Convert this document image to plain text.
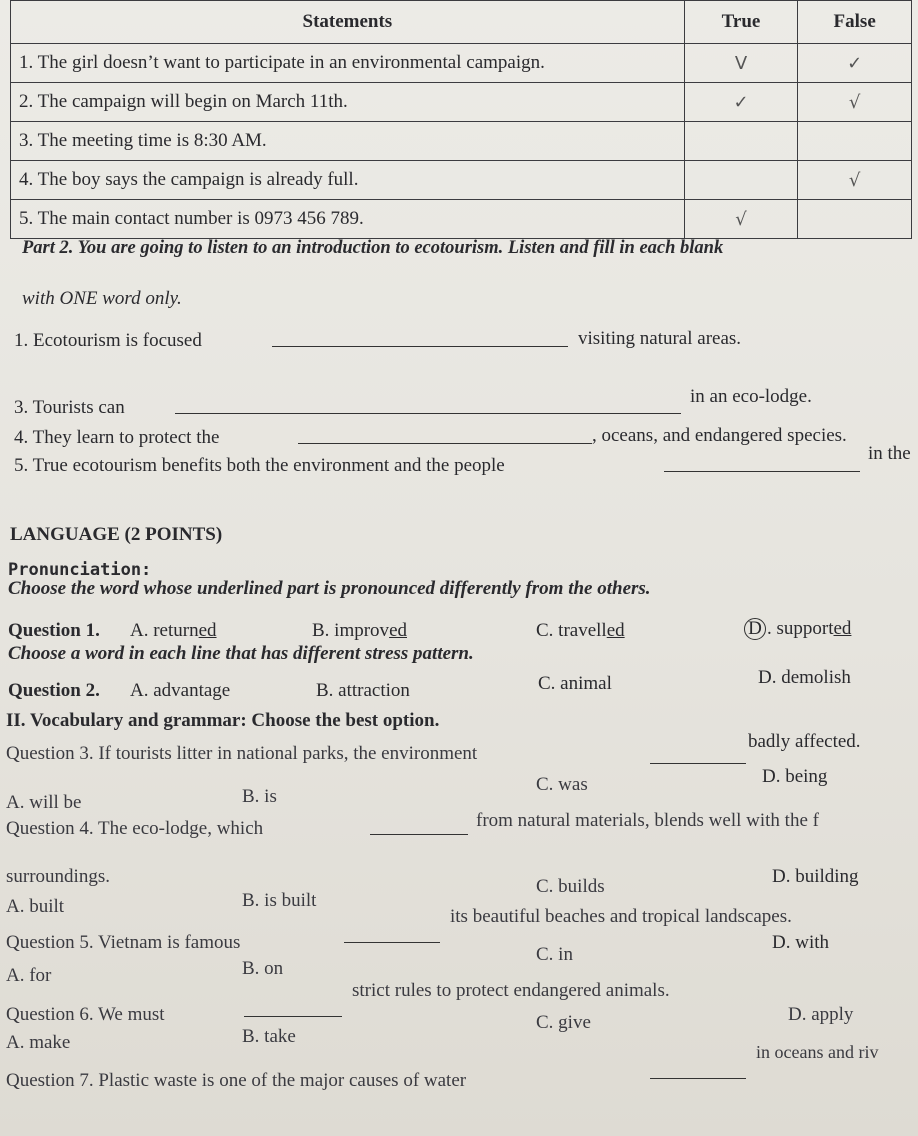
Statements	True	False
1. The girl doesn’t want to participate in an environmental campaign.	V	✓
2. The campaign will begin on March 11th.	✓	√
3. The meeting time is 8:30 AM.		
4. The boy says the campaign is already full.		√
5. The main contact number is 0973 456 789.	√	
Part 2. You are going to listen to an introduction to ecotourism. Listen and fill in each blank
with ONE word only.
1. Ecotourism is focused	visiting natural areas.
3. Tourists can
in an eco-lodge.
4. They learn to protect the	, oceans, and endangered species.
5. True ecotourism benefits both the environment and the people
in the
LANGUAGE (2 POINTS)
Pronunciation:
Choose the word whose underlined part is pronounced differently from the others.
Question 1. A. returned	B. improved	C. travelled	D . supported
Choose a word in each line that has different stress pattern.
Question 2. A. advantage	B. attraction	C. animal	D. demolish
II. Vocabulary and grammar: Choose the best option.
Question 3. If tourists litter in national parks, the environment
badly affected.
A. will be	B. is
C. was	D. being
Question 4. The eco-lodge, which	from natural materials, blends well with the f
surroundings.
A. built	B. is built
C. builds	D. building
Question 5. Vietnam is famous
its beautiful beaches and tropical landscapes.
A. for	B. on
C. in
D. with
Question 6. We must
strict rules to protect endangered animals.
A. make	B. take
C. give	D. apply
Question 7. Plastic waste is one of the major causes of water
in oceans and riv
